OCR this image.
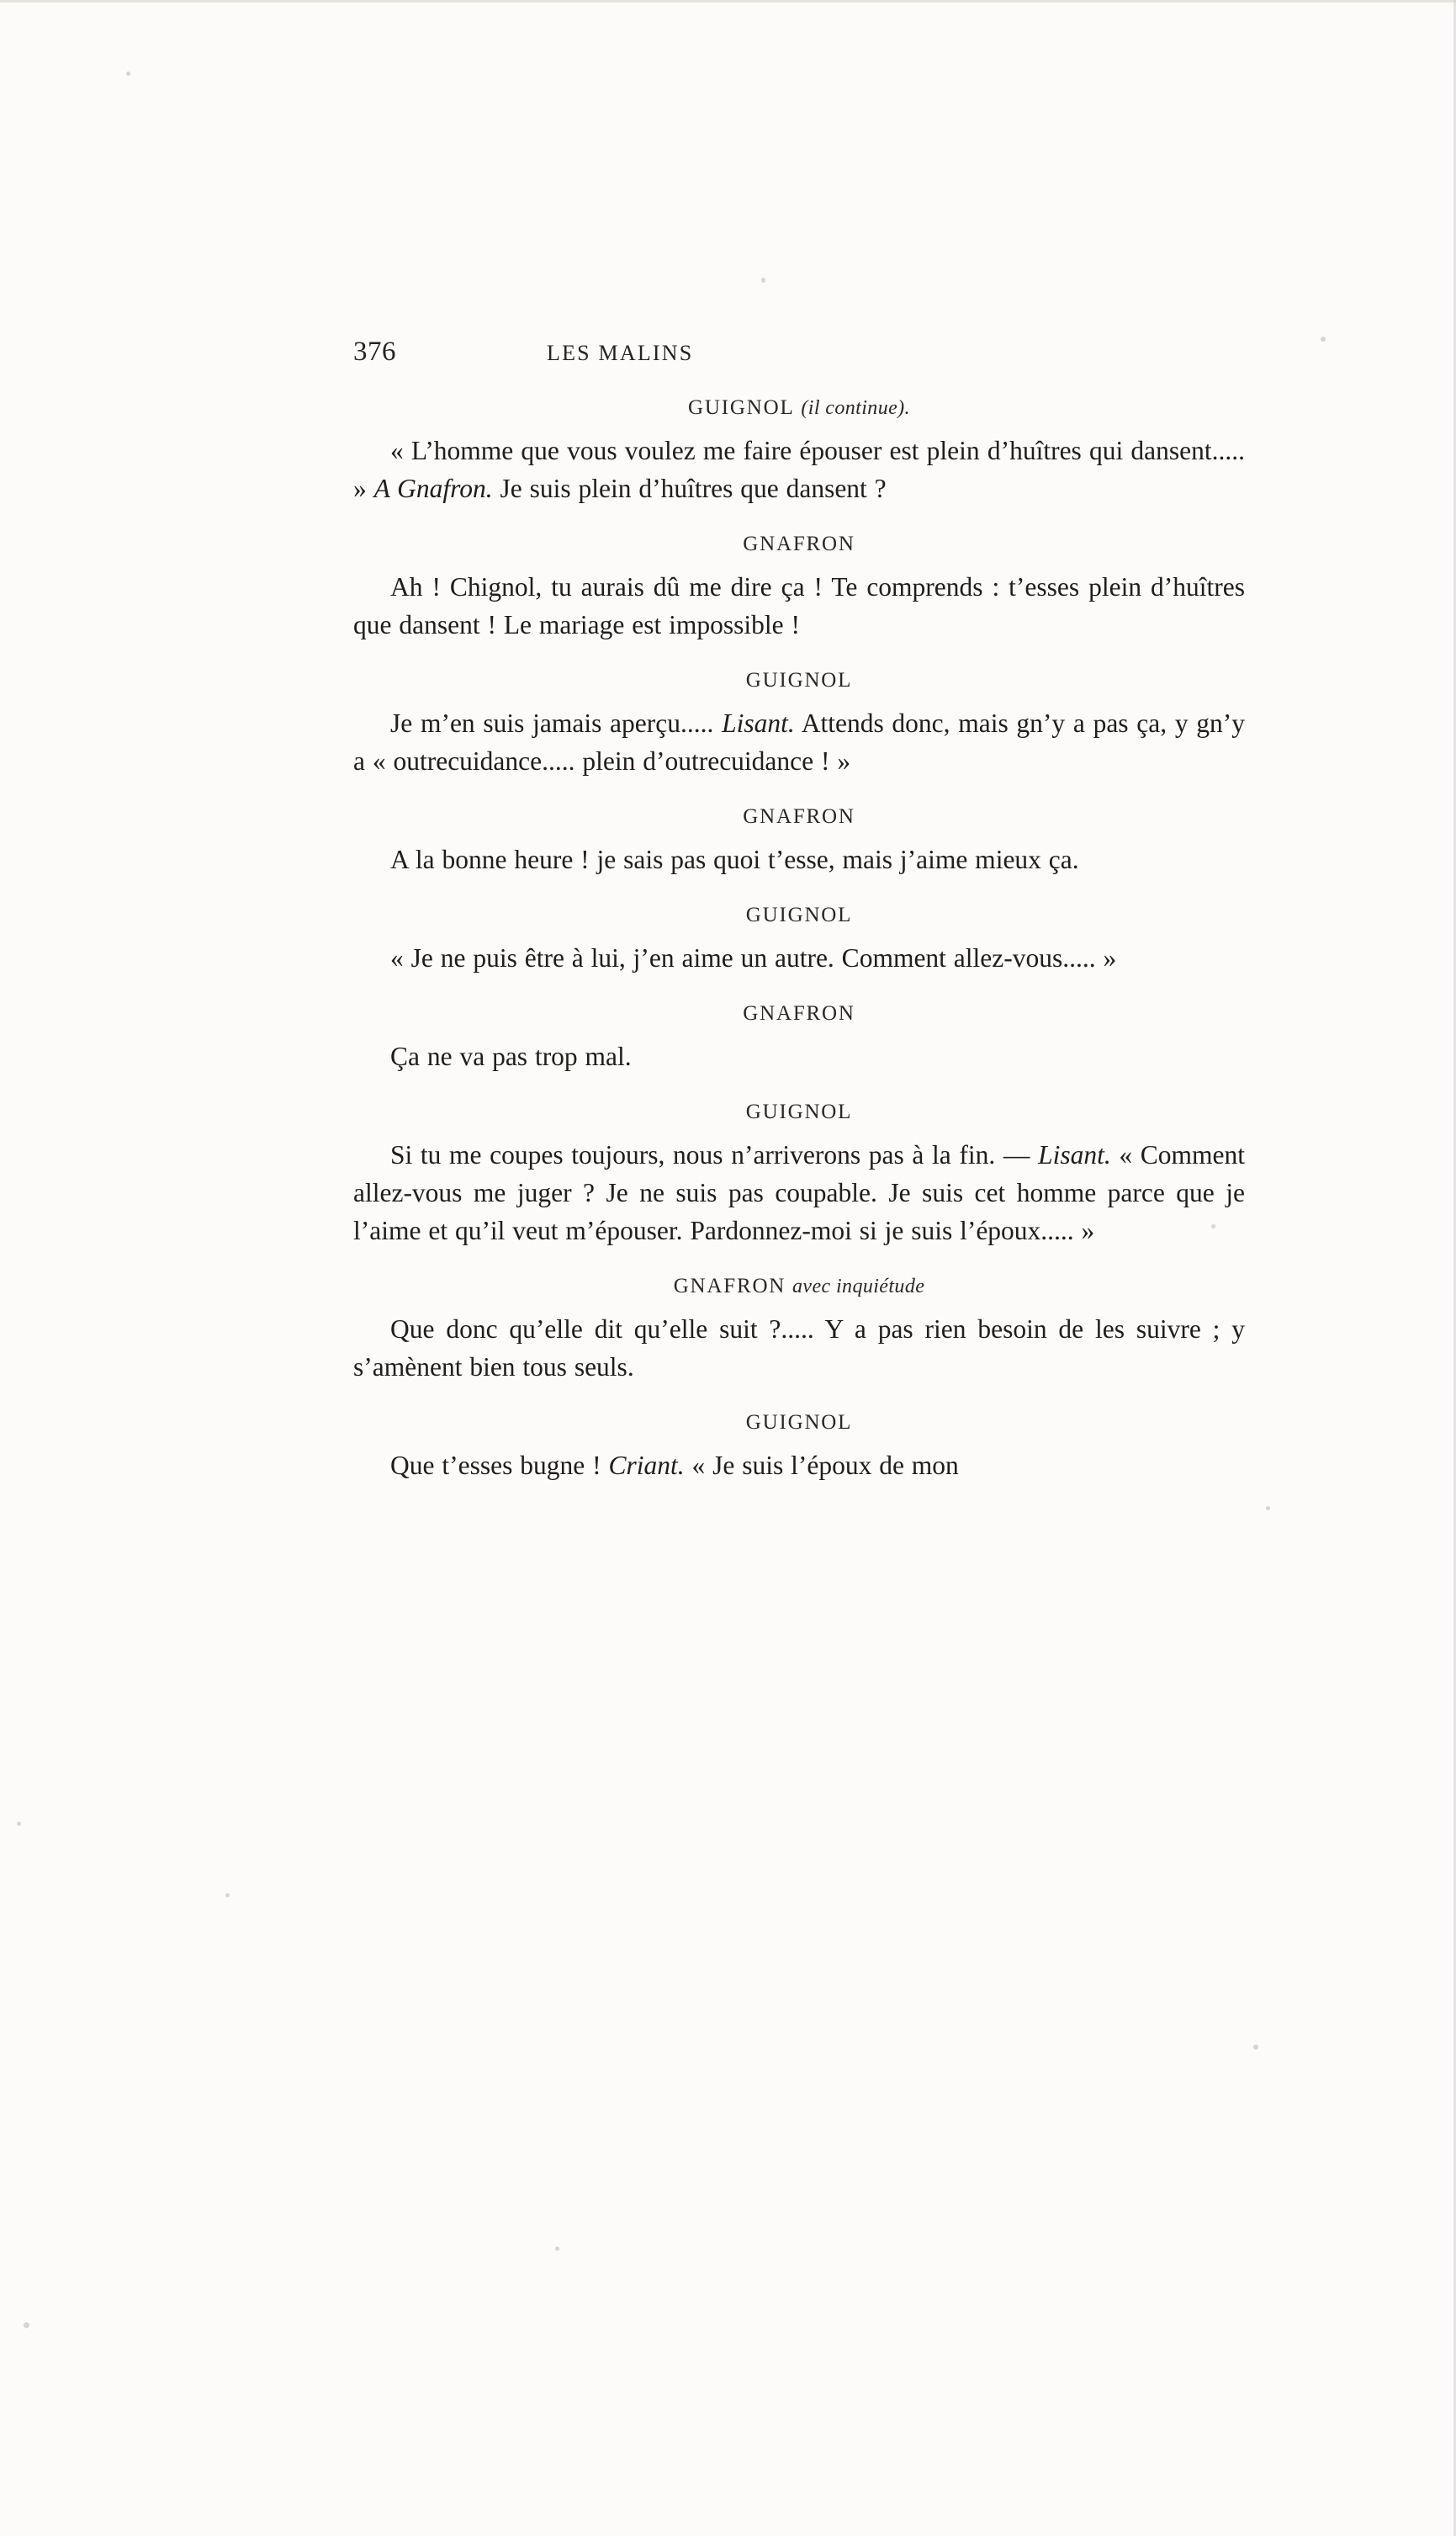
376	LES MALINS
GUIGNOL (il continue).

« L’homme que vous voulez me faire épouser est plein d’huîtres qui dansent..... » A Gnafron. Je suis plein d’huîtres que dansent ?

GNAFRON

Ah ! Chignol, tu aurais dû me dire ça ! Te comprends : t’esses plein d’huîtres que dansent ! Le mariage est impossible !

GUIGNOL

Je m’en suis jamais aperçu..... Lisant. Attends donc, mais gn’y a pas ça, y gn’y a « outrecuidance..... plein d’outrecuidance ! »

GNAFRON

A la bonne heure ! je sais pas quoi t’esse, mais j’aime mieux ça.

GUIGNOL

« Je ne puis être à lui, j’en aime un autre. Comment allez-vous..... »

GNAFRON

Ça ne va pas trop mal.

GUIGNOL

Si tu me coupes toujours, nous n’arriverons pas à la fin. — Lisant. « Comment allez-vous me juger ? Je ne suis pas coupable. Je suis cet homme parce que je l’aime et qu’il veut m’épouser. Pardonnez-moi si je suis l’époux..... »

GNAFRON avec inquiétude

Que donc qu’elle dit qu’elle suit ?..... Y a pas rien besoin de les suivre ; y s’amènent bien tous seuls.

GUIGNOL

Que t’esses bugne ! Criant. « Je suis l’époux de mon
